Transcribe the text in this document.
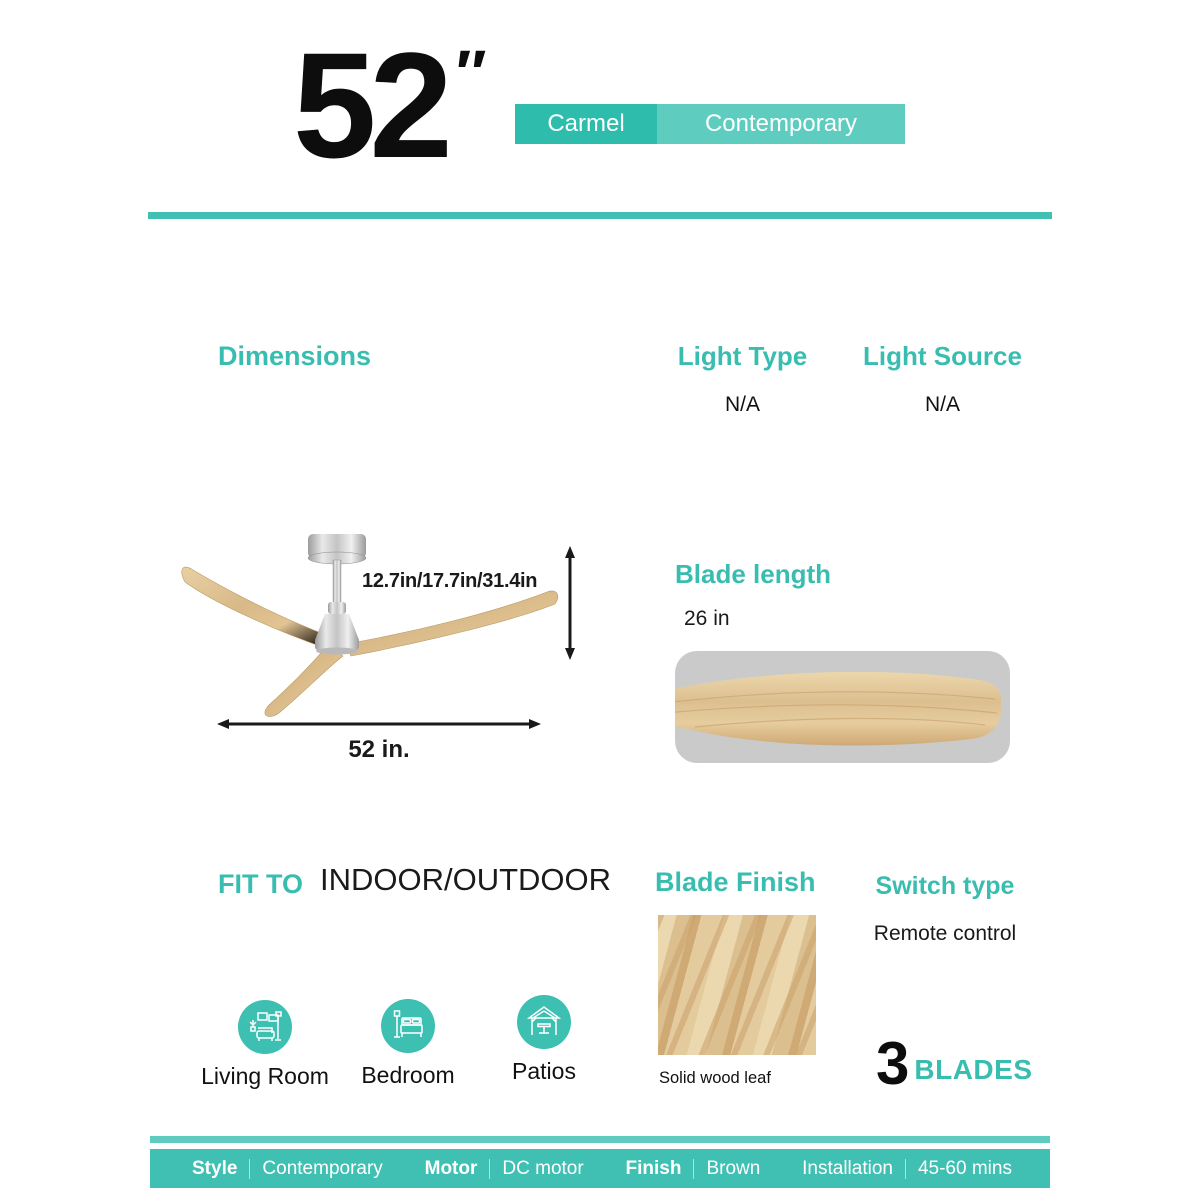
52 ″
Carmel	Contemporary
Dimensions	Light Type
N/A
Light Source
N/A
12.7in/17.7in/31.4in
52 in.
Blade length
26 in
FIT TO INDOOR/OUTDOOR
Living Room	Bedroom	Patios
Blade Finish
Solid wood leaf
Switch type
Remote control
3 BLADES
Style Contemporary Motor DC motor Finish Brown Installation 45-60 mins
